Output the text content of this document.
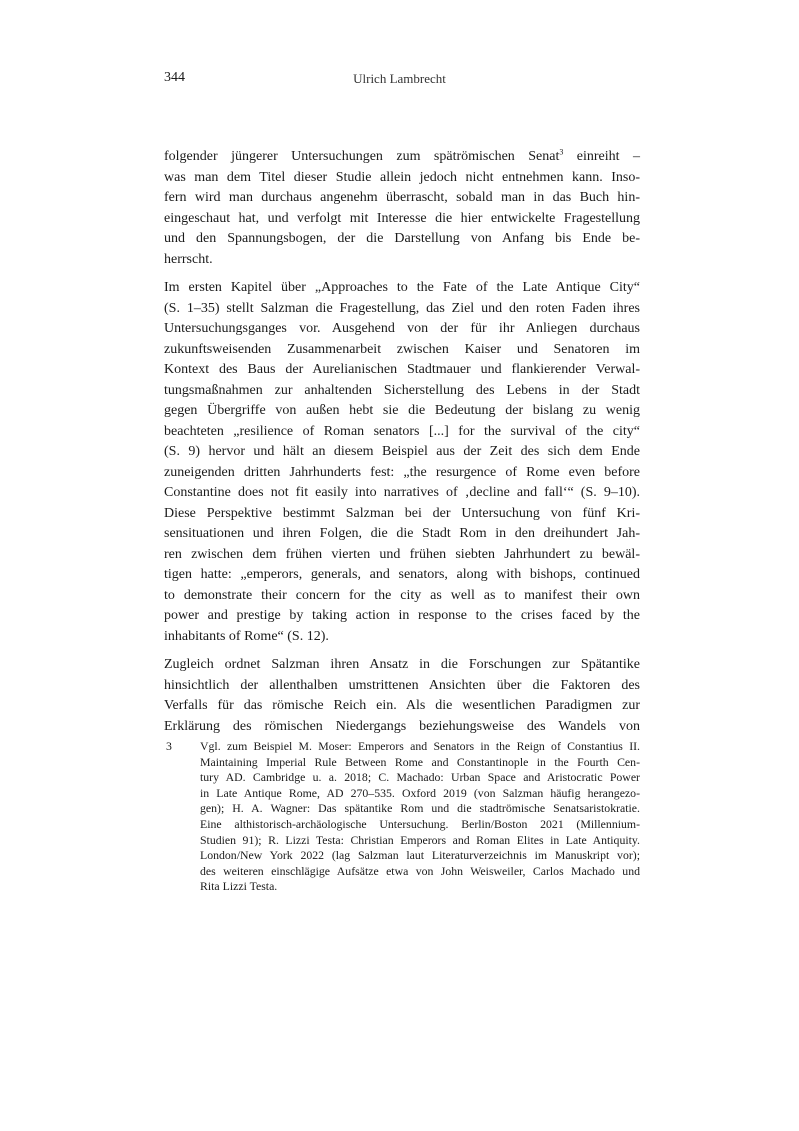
344	Ulrich Lambrecht
folgender jüngerer Untersuchungen zum spätrömischen Senat$^3$ einreiht –
was man dem Titel dieser Studie allein jedoch nicht entnehmen kann. Inso-
fern wird man durchaus angenehm überrascht, sobald man in das Buch hin-
eingeschaut hat, und verfolgt mit Interesse die hier entwickelte Fragestellung
und den Spannungsbogen, der die Darstellung von Anfang bis Ende be-
herrscht.
Im ersten Kapitel über „Approaches to the Fate of the Late Antique City“
(S. 1–35) stellt Salzman die Fragestellung, das Ziel und den roten Faden ihres
Untersuchungsganges vor. Ausgehend von der für ihr Anliegen durchaus
zukunftsweisenden Zusammenarbeit zwischen Kaiser und Senatoren im
Kontext des Baus der Aurelianischen Stadtmauer und flankierender Verwal-
tungsmaßnahmen zur anhaltenden Sicherstellung des Lebens in der Stadt
gegen Übergriffe von außen hebt sie die Bedeutung der bislang zu wenig
beachteten „resilience of Roman senators [...] for the survival of the city“
(S. 9) hervor und hält an diesem Beispiel aus der Zeit des sich dem Ende
zuneigenden dritten Jahrhunderts fest: „the resurgence of Rome even before
Constantine does not fit easily into narratives of ‚decline and fall‘“ (S. 9–10).
Diese Perspektive bestimmt Salzman bei der Untersuchung von fünf Kri-
sensituationen und ihren Folgen, die die Stadt Rom in den dreihundert Jah-
ren zwischen dem frühen vierten und frühen siebten Jahrhundert zu bewäl-
tigen hatte: „emperors, generals, and senators, along with bishops, continued
to demonstrate their concern for the city as well as to manifest their own
power and prestige by taking action in response to the crises faced by the
inhabitants of Rome“ (S. 12).
Zugleich ordnet Salzman ihren Ansatz in die Forschungen zur Spätantike
hinsichtlich der allenthalben umstrittenen Ansichten über die Faktoren des
Verfalls für das römische Reich ein. Als die wesentlichen Paradigmen zur
Erklärung des römischen Niedergangs beziehungsweise des Wandels von
3 Vgl. zum Beispiel M. Moser: Emperors and Senators in the Reign of Constantius II.
Maintaining Imperial Rule Between Rome and Constantinople in the Fourth Cen-
tury AD. Cambridge u. a. 2018; C. Machado: Urban Space and Aristocratic Power
in Late Antique Rome, AD 270–535. Oxford 2019 (von Salzman häufig herangezo-
gen); H. A. Wagner: Das spätantike Rom und die stadtrömische Senatsaristokratie.
Eine althistorisch-archäologische Untersuchung. Berlin/Boston 2021 (Millennium-
Studien 91); R. Lizzi Testa: Christian Emperors and Roman Elites in Late Antiquity.
London/New York 2022 (lag Salzman laut Literaturverzeichnis im Manuskript vor);
des weiteren einschlägige Aufsätze etwa von John Weisweiler, Carlos Machado und
Rita Lizzi Testa.
